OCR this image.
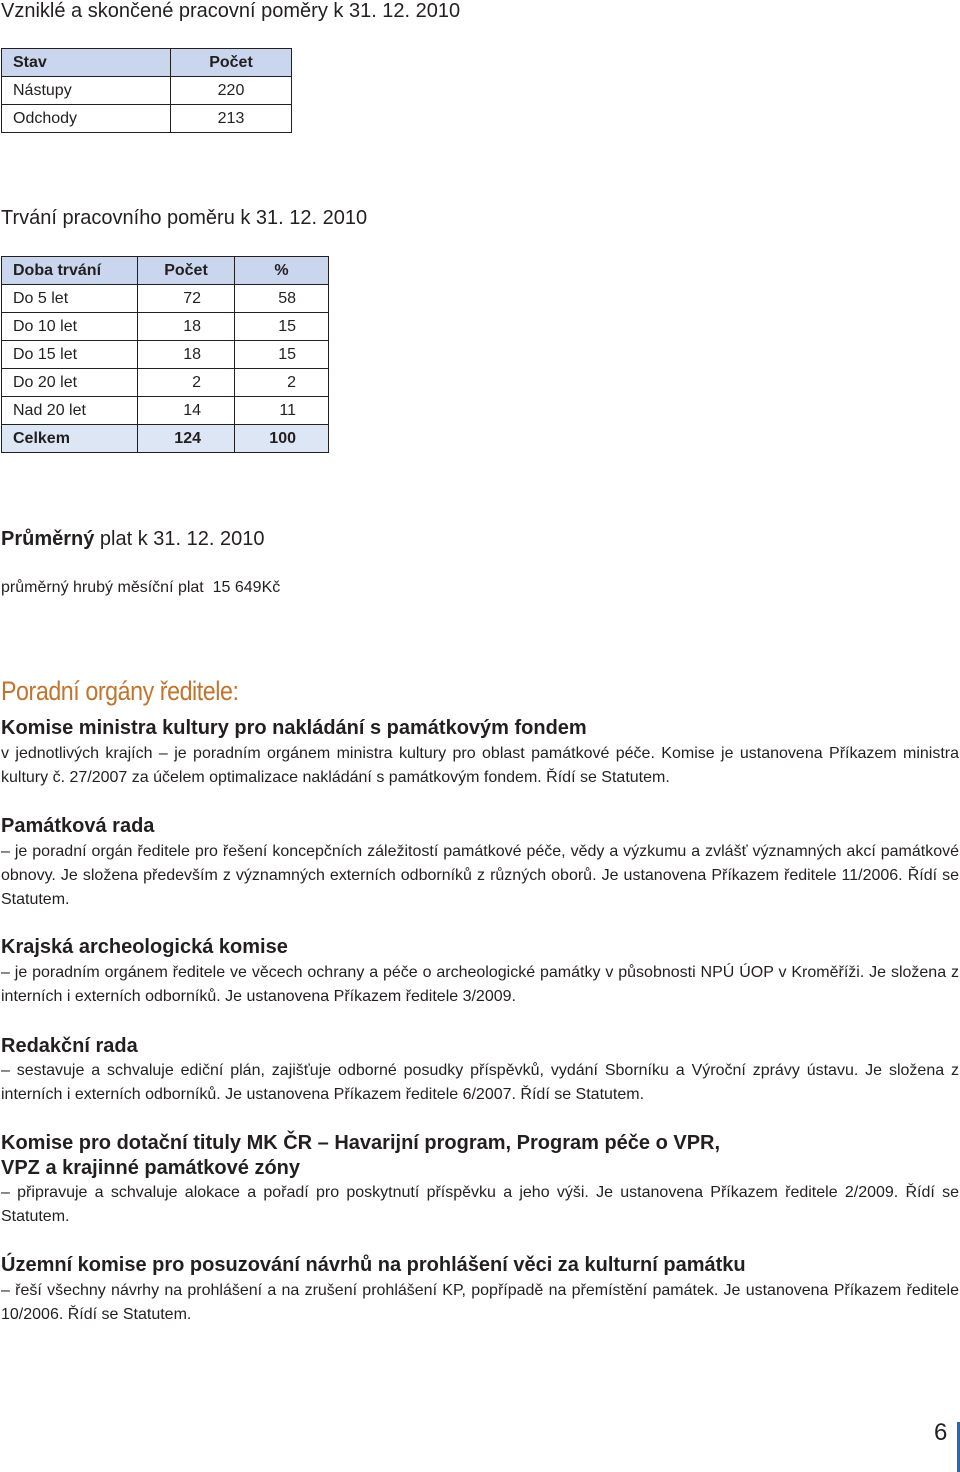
Vzniklé a skončené pracovní poměry k 31. 12. 2010
Stav	Počet
Nástupy	220
Odchody	213
Trvání pracovního poměru k 31. 12. 2010
Doba trvání	Počet	%
Do 5 let	72	58
Do 10 let	18	15
Do 15 let	18	15
Do 20 let	2	2
Nad 20 let	14	11
Celkem	124	100
Průměrný plat k 31. 12. 2010
průměrný hrubý měsíční plat  15 649Kč
Poradní orgány ředitele:
Komise ministra kultury pro nakládání s památkovým fondem
v jednotlivých krajích – je poradním orgánem ministra kultury pro oblast památkové péče. Komise je ustanovena Příkazem ministra kultury č. 27/2007 za účelem optimalizace nakládání s památkovým fondem. Řídí se Statutem.
Památková rada
– je poradní orgán ředitele pro řešení koncepčních záležitostí památkové péče, vědy a výzkumu a zvlášť významných akcí památkové obnovy. Je složena především z významných externích odborníků z různých oborů. Je ustanovena Příkazem ředitele 11/2006. Řídí se Statutem.
Krajská archeologická komise
– je poradním orgánem ředitele ve věcech ochrany a péče o archeologické památky v působnosti NPÚ ÚOP v Kroměříži. Je složena z interních i externích odborníků. Je ustanovena Příkazem ředitele 3/2009.
Redakční rada
– sestavuje a schvaluje ediční plán, zajišťuje odborné posudky příspěvků, vydání Sborníku a Výroční zprávy ústavu. Je složena z interních i externích odborníků. Je ustanovena Příkazem ředitele 6/2007. Řídí se Statutem.
Komise pro dotační tituly MK ČR – Havarijní program, Program péče o VPR,
VPZ a krajinné památkové zóny
– připravuje a schvaluje alokace a pořadí pro poskytnutí příspěvku a jeho výši. Je ustanovena Příkazem ředitele 2/2009. Řídí se Statutem.
Územní komise pro posuzování návrhů na prohlášení věci za kulturní památku
– řeší všechny návrhy na prohlášení a na zrušení prohlášení KP, popřípadě na přemístění památek. Je ustanovena Příkazem ředitele 10/2006. Řídí se Statutem.
6
